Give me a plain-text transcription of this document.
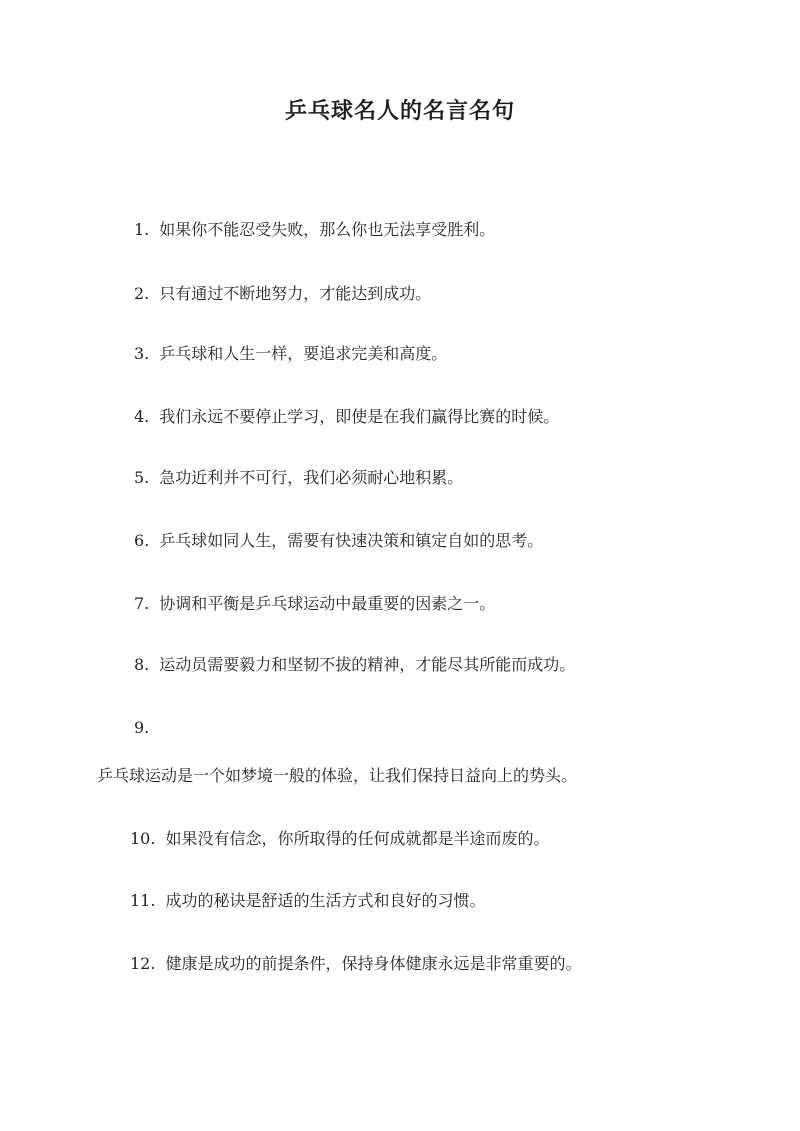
乒乓球名人的名言名句
1. 如果你不能忍受失败，那么你也无法享受胜利。
2. 只有通过不断地努力，才能达到成功。
3. 乒乓球和人生一样，要追求完美和高度。
4. 我们永远不要停止学习，即使是在我们赢得比赛的时候。
5. 急功近利并不可行，我们必须耐心地积累。
6. 乒乓球如同人生，需要有快速决策和镇定自如的思考。
7. 协调和平衡是乒乓球运动中最重要的因素之一。
8. 运动员需要毅力和坚韧不拔的精神，才能尽其所能而成功。
9.
乒乓球运动是一个如梦境一般的体验，让我们保持日益向上的势头。
10. 如果没有信念，你所取得的任何成就都是半途而废的。
11. 成功的秘诀是舒适的生活方式和良好的习惯。
12. 健康是成功的前提条件，保持身体健康永远是非常重要的。
